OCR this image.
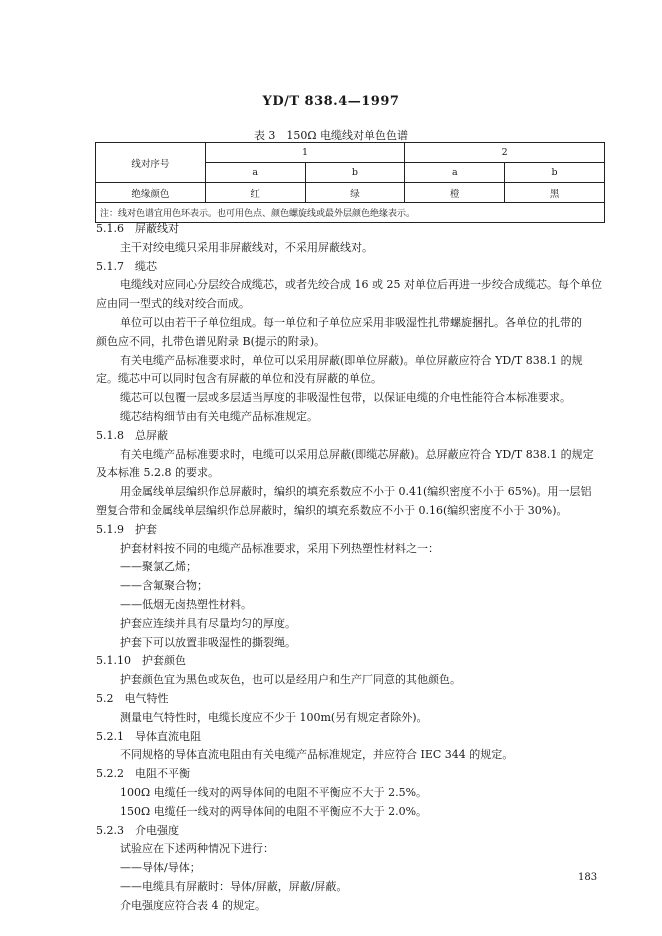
YD/T 838.4—1997
表 3　150Ω 电缆线对单色色谱
线对序号	1		2	
	a	b	a	b
绝缘颜色	红	绿	橙	黑
注：线对色谱宜用色环表示。也可用色点、颜色螺旋线或最外层颜色绝缘表示。				
5.1.6　屏蔽线对
主干对绞电缆只采用非屏蔽线对，不采用屏蔽线对。
5.1.7　缆芯
电缆线对应同心分层绞合成缆芯，或者先绞合成 16 或 25 对单位后再进一步绞合成缆芯。每个单位
应由同一型式的线对绞合而成。
单位可以由若干子单位组成。每一单位和子单位应采用非吸湿性扎带螺旋捆扎。各单位的扎带的
颜色应不同，扎带色谱见附录 B(提示的附录)。
有关电缆产品标准要求时，单位可以采用屏蔽(即单位屏蔽)。单位屏蔽应符合 YD/T 838.1 的规
定。缆芯中可以同时包含有屏蔽的单位和没有屏蔽的单位。
缆芯可以包覆一层或多层适当厚度的非吸湿性包带，以保证电缆的介电性能符合本标准要求。
缆芯结构细节由有关电缆产品标准规定。
5.1.8　总屏蔽
有关电缆产品标准要求时，电缆可以采用总屏蔽(即缆芯屏蔽)。总屏蔽应符合 YD/T 838.1 的规定
及本标准 5.2.8 的要求。
用金属线单层编织作总屏蔽时，编织的填充系数应不小于 0.41(编织密度不小于 65%)。用一层铝
塑复合带和金属线单层编织作总屏蔽时，编织的填充系数应不小于 0.16(编织密度不小于 30%)。
5.1.9　护套
护套材料按不同的电缆产品标准要求，采用下列热塑性材料之一：
——聚氯乙烯；
——含氟聚合物；
——低烟无卤热塑性材料。
护套应连续并具有尽量均匀的厚度。
护套下可以放置非吸湿性的撕裂绳。
5.1.10　护套颜色
护套颜色宜为黑色或灰色，也可以是经用户和生产厂同意的其他颜色。
5.2　电气特性
测量电气特性时，电缆长度应不少于 100m(另有规定者除外)。
5.2.1　导体直流电阻
不同规格的导体直流电阻由有关电缆产品标准规定，并应符合 IEC 344 的规定。
5.2.2　电阻不平衡
100Ω 电缆任一线对的两导体间的电阻不平衡应不大于 2.5%。
150Ω 电缆任一线对的两导体间的电阻不平衡应不大于 2.0%。
5.2.3　介电强度
试验应在下述两种情况下进行：
——导体/导体；
——电缆具有屏蔽时：导体/屏蔽，屏蔽/屏蔽。
介电强度应符合表 4 的规定。
183
